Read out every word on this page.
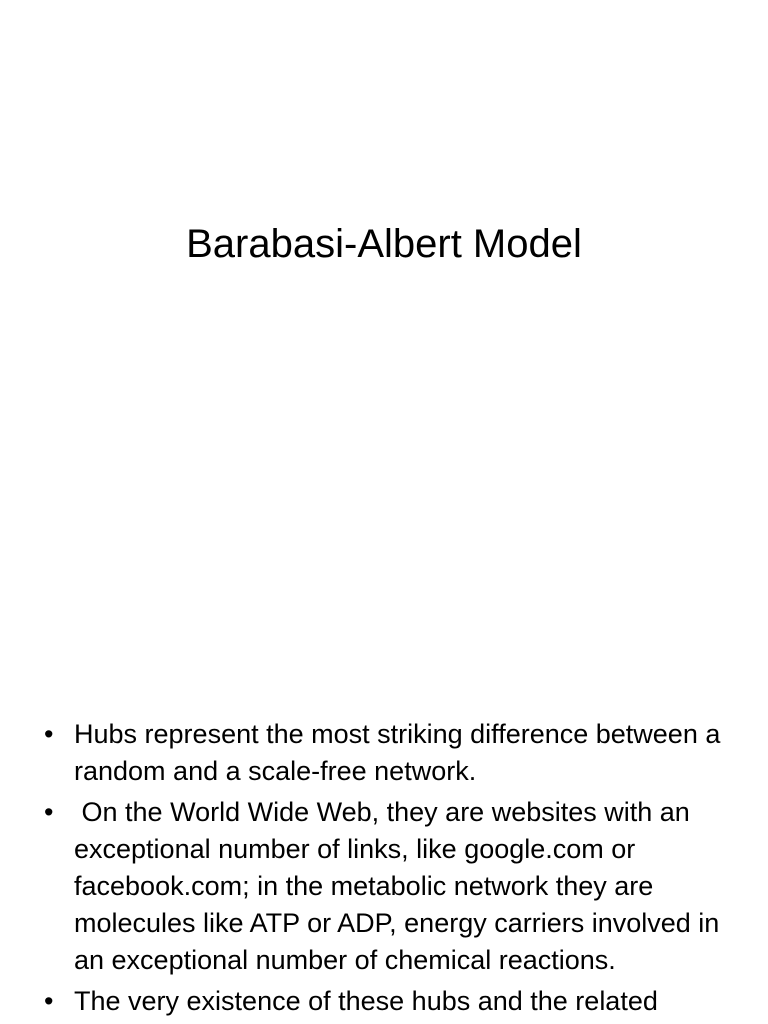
Barabasi-Albert Model
• Hubs represent the most striking difference between a random and a scale-free network.
• On the World Wide Web, they are websites with an exceptional number of links, like google.com or facebook.com; in the metabolic network they are molecules like ATP or ADP, energy carriers involved in an exceptional number of chemical reactions.
• The very existence of these hubs and the related
